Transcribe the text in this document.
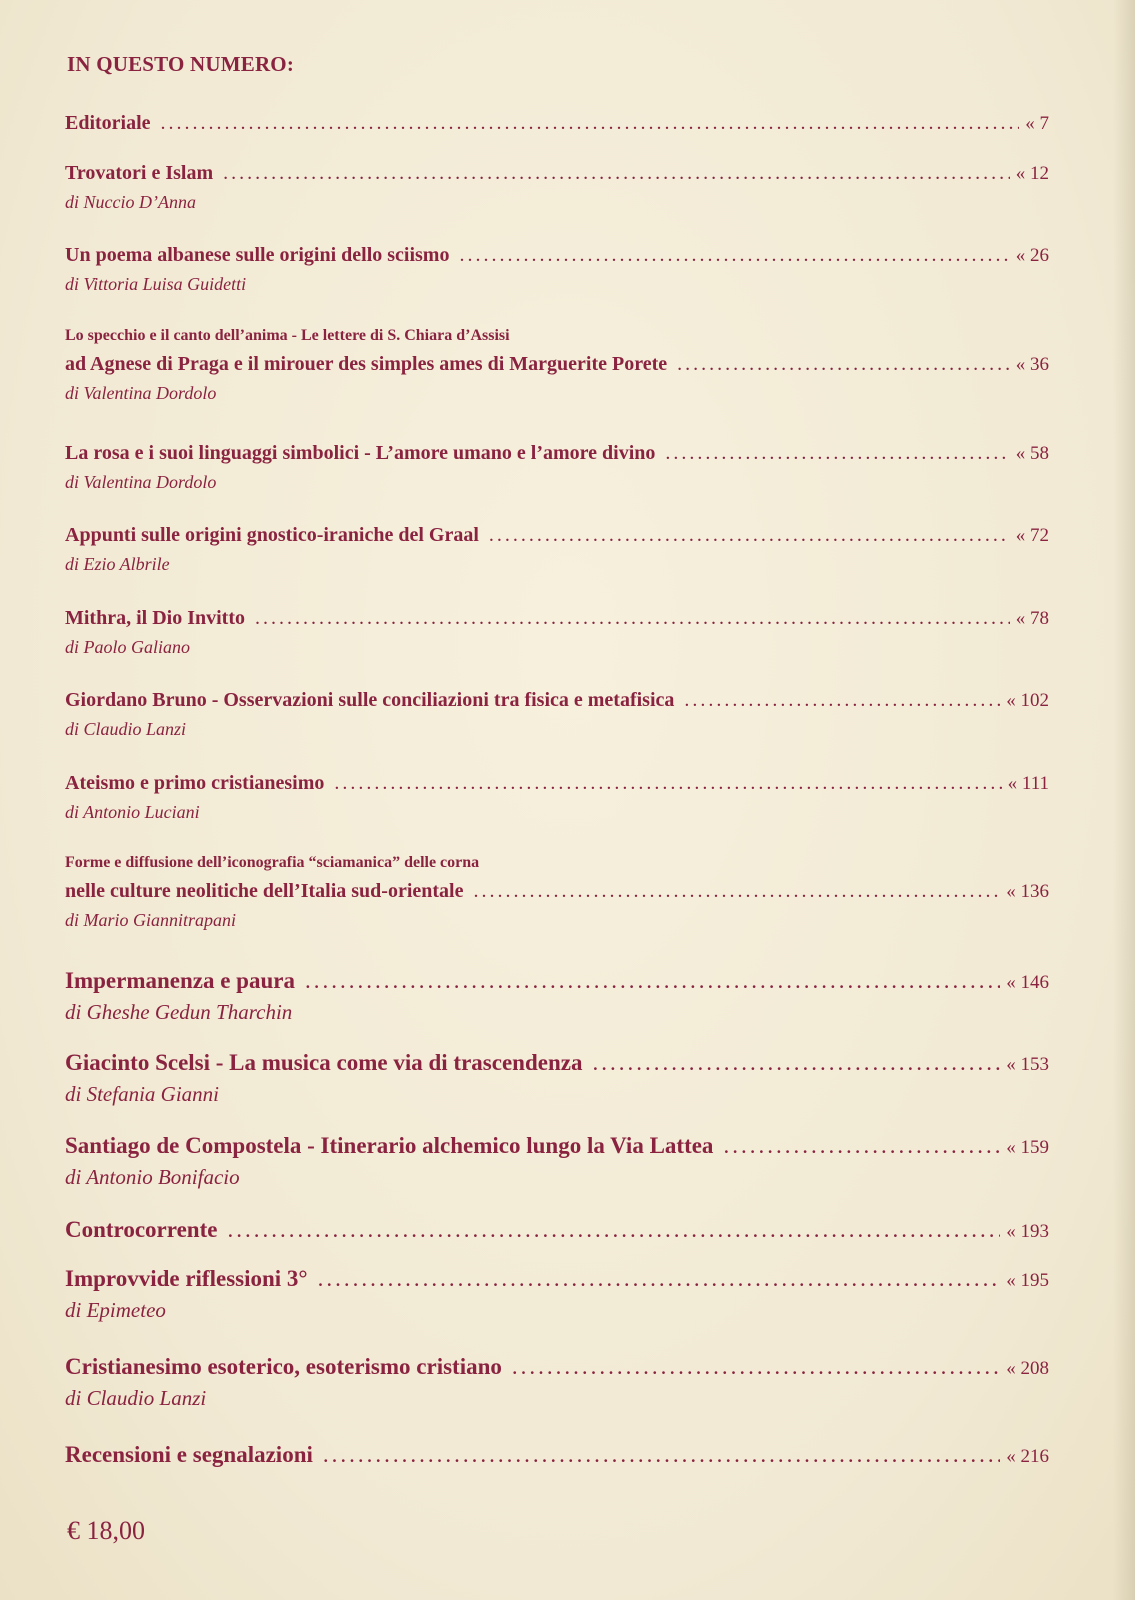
IN QUESTO NUMERO:
Editoriale .....	« 7
Trovatori e Islam .....	« 12
di Nuccio D’Anna
Un poema albanese sulle origini dello sciismo .....	« 26
di Vittoria Luisa Guidetti
Lo specchio e il canto dell’anima - Le lettere di S. Chiara d’Assisi
ad Agnese di Praga e il mirouer des simples ames di Marguerite Porete .....	« 36
di Valentina Dordolo
La rosa e i suoi linguaggi simbolici - L’amore umano e l’amore divino .....	« 58
di Valentina Dordolo
Appunti sulle origini gnostico-iraniche del Graal .....	« 72
di Ezio Albrile
Mithra, il Dio Invitto .....	« 78
di Paolo Galiano
Giordano Bruno - Osservazioni sulle conciliazioni tra fisica e metafisica .....	« 102
di Claudio Lanzi
Ateismo e primo cristianesimo .....	« 111
di Antonio Luciani
Forme e diffusione dell’iconografia “sciamanica” delle corna
nelle culture neolitiche dell’Italia sud-orientale .....	« 136
di Mario Giannitrapani
Impermanenza e paura .....	« 146
di Gheshe Gedun Tharchin
Giacinto Scelsi - La musica come via di trascendenza .....	« 153
di Stefania Gianni
Santiago de Compostela - Itinerario alchemico lungo la Via Lattea .....	« 159
di Antonio Bonifacio
Controcorrente .....	« 193
Improvvide riflessioni 3° .....	« 195
di Epimeteo
Cristianesimo esoterico, esoterismo cristiano .....	« 208
di Claudio Lanzi
Recensioni e segnalazioni .....	« 216
€ 18,00
